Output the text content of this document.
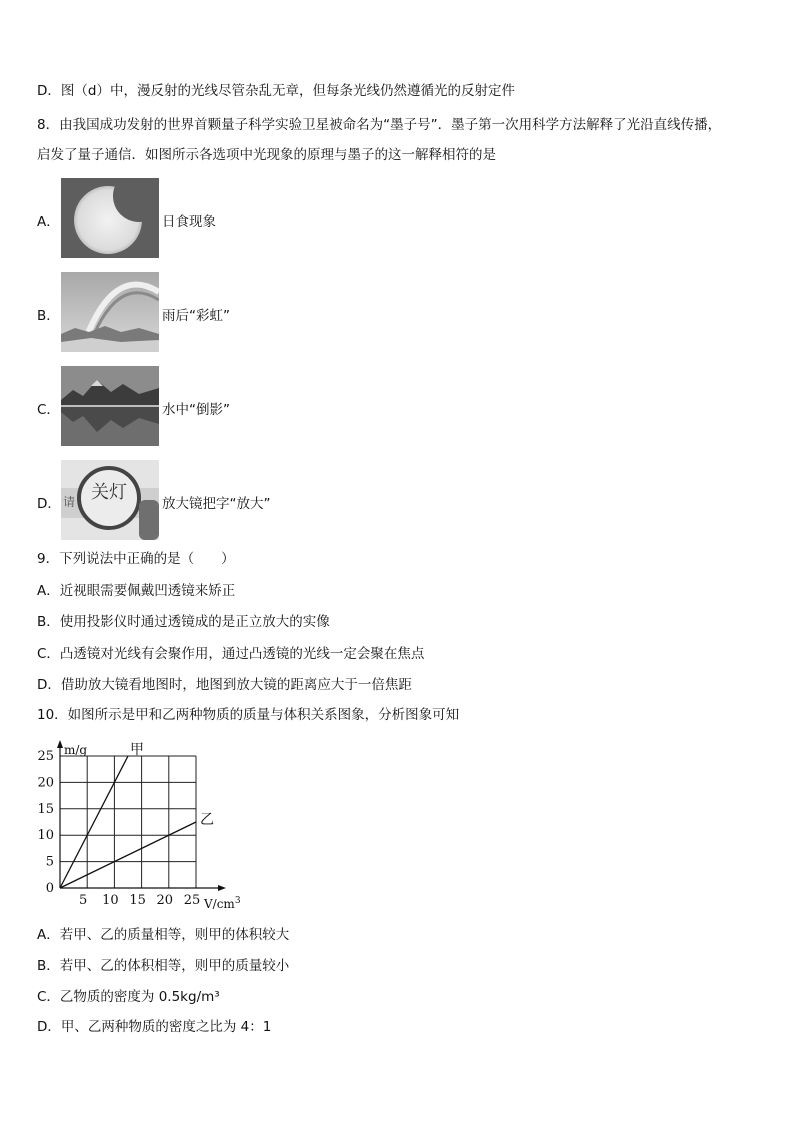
D．图（d）中，漫反射的光线尽管杂乱无章，但每条光线仍然遵循光的反射定件
8．由我国成功发射的世界首颗量子科学实验卫星被命名为“墨子号”．墨子第一次用科学方法解释了光沿直线传播，
启发了量子通信．如图所示各选项中光现象的原理与墨子的这一解释相符的是
A．	日食现象
B．	雨后“彩虹”
C．	水中“倒影”
D． 请 关灯
放大镜把字“放大”
9．下列说法中正确的是（　　）
A．近视眼需要佩戴凹透镜来矫正
B．使用投影仪时通过透镜成的是正立放大的实像
C．凸透镜对光线有会聚作用，通过凸透镜的光线一定会聚在焦点
D．借助放大镜看地图时，地图到放大镜的距离应大于一倍焦距
10．如图所示是甲和乙两种物质的质量与体积关系图象，分析图象可知
5 10 15 20 25
5
10
15
20
25
0
m/g
$V/cm^3$
甲
乙
A．若甲、乙的质量相等，则甲的体积较大
B．若甲、乙的体积相等，则甲的质量较小
C．乙物质的密度为 0.5kg/m³
D．甲、乙两种物质的密度之比为 4：1
